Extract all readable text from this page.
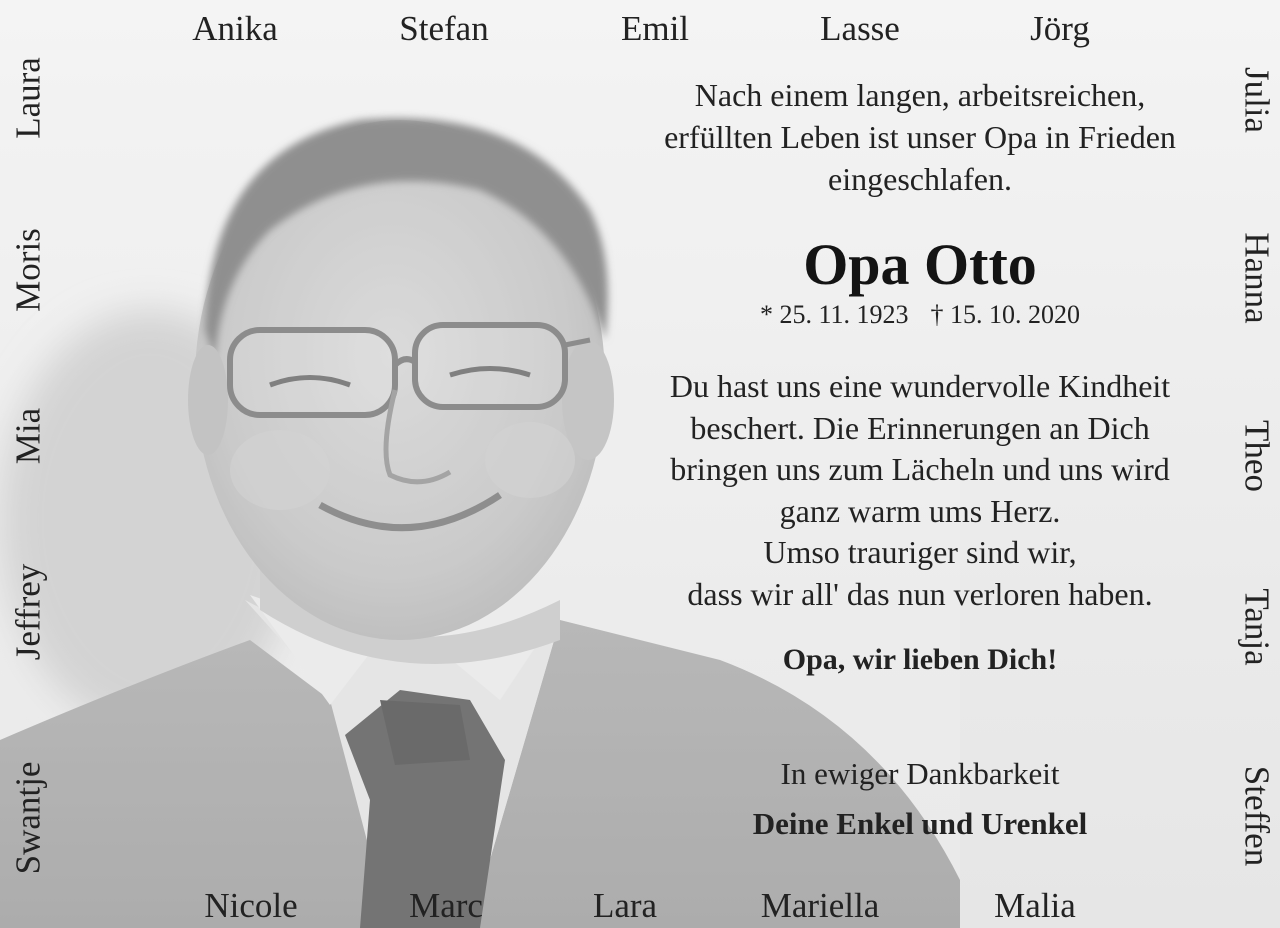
Anika	Stefan	Emil	Lasse	Jörg
Nicole	Marc	Lara	Mariella	Malia
Laura
Moris
Mia
Jeffrey
Swantje
Julia
Hanna
Theo
Tanja
Steffen
Nach einem langen, arbeitsreichen,
erfüllten Leben ist unser Opa in Frieden
eingeschlafen.
Opa Otto
* 25. 11. 1923 † 15. 10. 2020
Du hast uns eine wundervolle Kindheit
beschert. Die Erinnerungen an Dich
bringen uns zum Lächeln und uns wird
ganz warm ums Herz.
Umso trauriger sind wir,
dass wir all' das nun verloren haben.
Opa, wir lieben Dich!
In ewiger Dankbarkeit
Deine Enkel und Urenkel
